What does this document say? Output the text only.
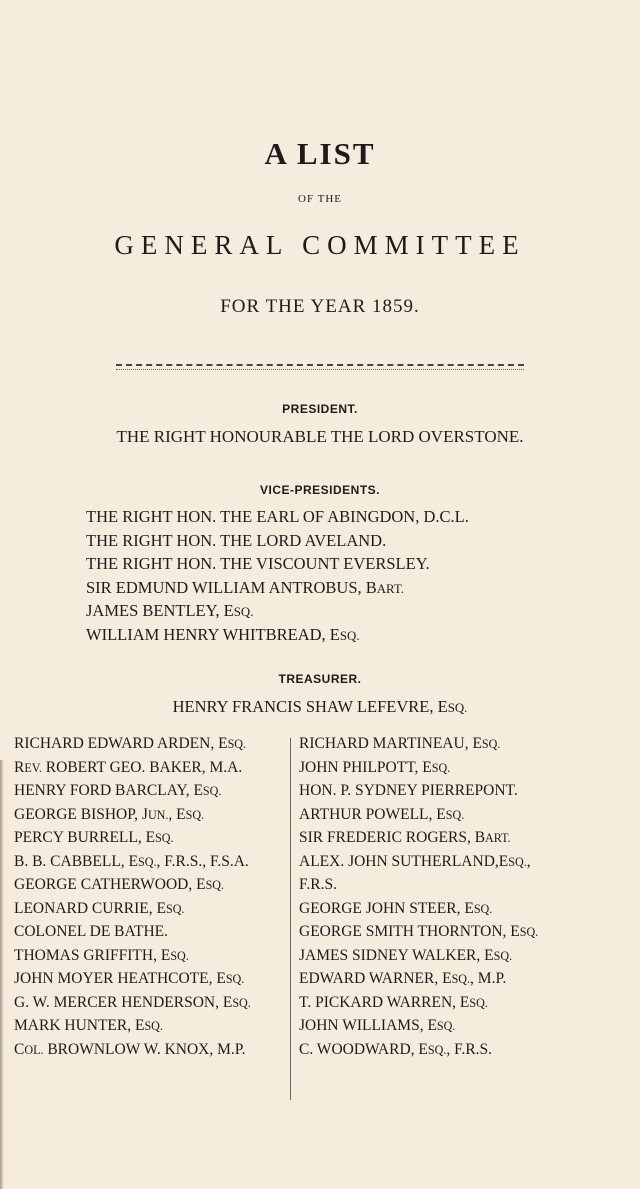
A LIST
OF THE
GENERAL COMMITTEE
FOR THE YEAR 1859.
PRESIDENT.
THE RIGHT HONOURABLE THE LORD OVERSTONE.
VICE-PRESIDENTS.
THE RIGHT HON. THE EARL OF ABINGDON, D.C.L.
THE RIGHT HON. THE LORD AVELAND.
THE RIGHT HON. THE VISCOUNT EVERSLEY.
SIR EDMUND WILLIAM ANTROBUS, BART.
JAMES BENTLEY, ESQ.
WILLIAM HENRY WHITBREAD, ESQ.
TREASURER.
HENRY FRANCIS SHAW LEFEVRE, ESQ.
RICHARD EDWARD ARDEN, ESQ.
REV. ROBERT GEO. BAKER, M.A.
HENRY FORD BARCLAY, ESQ.
GEORGE BISHOP, JUN., ESQ.
PERCY BURRELL, ESQ.
B. B. CABBELL, ESQ., F.R.S., F.S.A.
GEORGE CATHERWOOD, ESQ.
LEONARD CURRIE, ESQ.
COLONEL DE BATHE.
THOMAS GRIFFITH, ESQ.
JOHN MOYER HEATHCOTE, ESQ.
G. W. MERCER HENDERSON, ESQ.
MARK HUNTER, ESQ.
COL. BROWNLOW W. KNOX, M.P.
RICHARD MARTINEAU, ESQ.
JOHN PHILPOTT, ESQ.
HON. P. SYDNEY PIERREPONT.
ARTHUR POWELL, ESQ.
SIR FREDERIC ROGERS, BART.
ALEX. JOHN SUTHERLAND,ESQ.,
F.R.S.
GEORGE JOHN STEER, ESQ.
GEORGE SMITH THORNTON, ESQ.
JAMES SIDNEY WALKER, ESQ.
EDWARD WARNER, ESQ., M.P.
T. PICKARD WARREN, ESQ.
JOHN WILLIAMS, ESQ.
C. WOODWARD, ESQ., F.R.S.
